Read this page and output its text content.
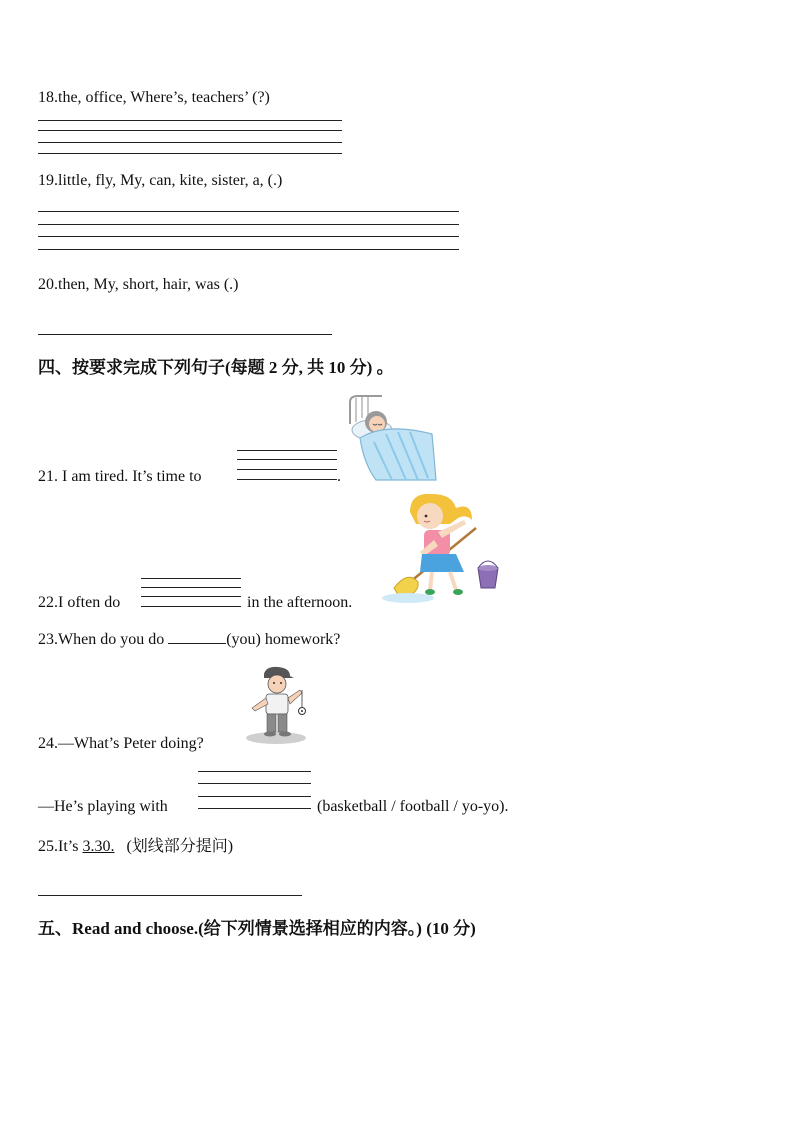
18.the, office, Where’s, teachers’ (?)
19.little, fly, My, can, kite, sister, a, (.)
20.then, My, short, hair, was (.)
四、按要求完成下列句子(每题 2 分, 共 10 分) 。
21. I am tired. It’s time to	.
22.I often do	in the afternoon.
23.When do you do	(you) homework?
24.—What’s Peter doing?
—He’s playing with	(basketball / football / yo-yo).
25.It’s 3.30. (划线部分提问)
五、Read and choose.(给下列情景选择相应的内容。) (10 分)
